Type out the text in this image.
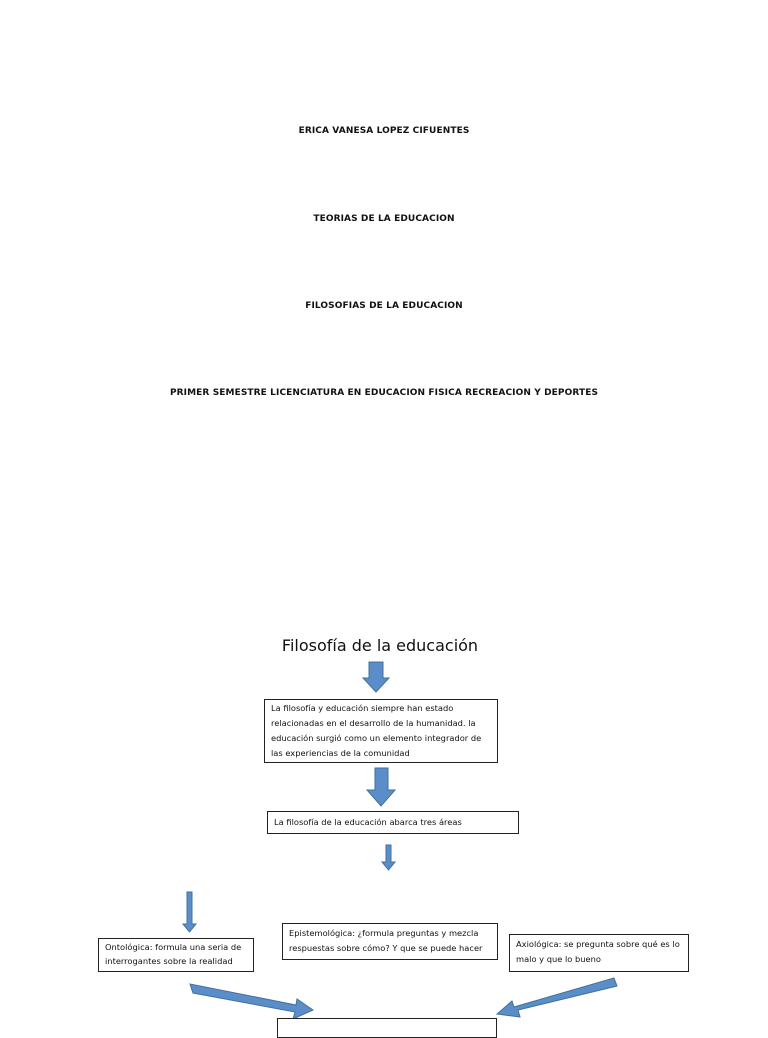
ERICA VANESA LOPEZ CIFUENTES
TEORIAS DE LA EDUCACION
FILOSOFIAS DE LA EDUCACION
PRIMER SEMESTRE LICENCIATURA EN EDUCACION FISICA RECREACION Y DEPORTES
Filosofía de la educación
La filosofía y educación siempre han estado relacionadas en el desarrollo de la humanidad. la educación surgió como un elemento integrador de las experiencias de la comunidad
La filosofía de la educación abarca tres áreas
Ontológica: formula una seria de interrogantes sobre la realidad
Epistemológica: ¿formula preguntas y mezcla respuestas sobre cómo? Y que se puede hacer	Axiológica: se pregunta sobre qué es lo malo y que lo bueno
